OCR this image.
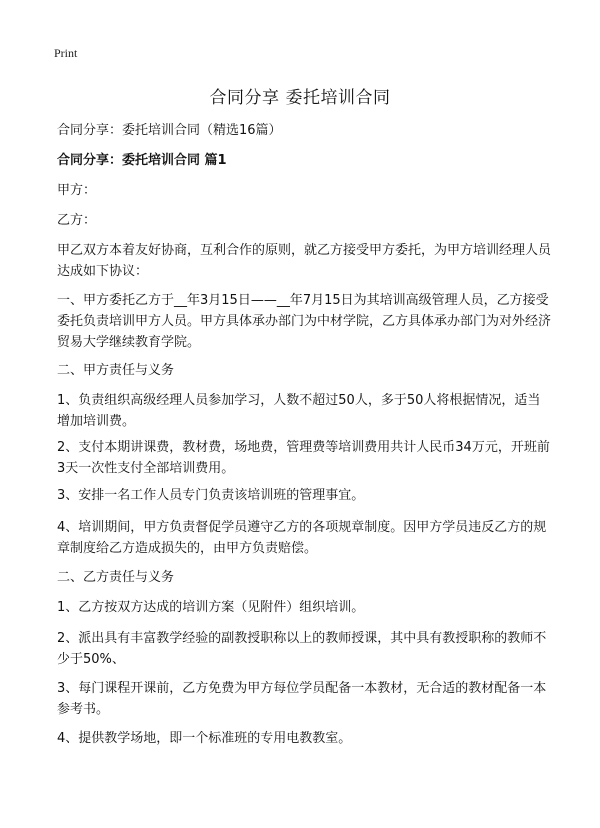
Print
合同分享 委托培训合同

合同分享：委托培训合同（精选16篇）

合同分享：委托培训合同 篇1

甲方：

乙方：

甲乙双方本着友好协商，互利合作的原则，就乙方接受甲方委托，为甲方培训经理人员达成如下协议：

一、甲方委托乙方于__年3月15日——__年7月15日为其培训高级管理人员，乙方接受委托负责培训甲方人员。甲方具体承办部门为中材学院，乙方具体承办部门为对外经济贸易大学继续教育学院。

二、甲方责任与义务

1、负责组织高级经理人员参加学习，人数不超过50人，多于50人将根据情况，适当增加培训费。

2、支付本期讲课费，教材费，场地费，管理费等培训费用共计人民币34万元，开班前3天一次性支付全部培训费用。

3、安排一名工作人员专门负责该培训班的管理事宜。

4、培训期间，甲方负责督促学员遵守乙方的各项规章制度。因甲方学员违反乙方的规章制度给乙方造成损失的，由甲方负责赔偿。

二、乙方责任与义务

1、乙方按双方达成的培训方案（见附件）组织培训。

2、派出具有丰富教学经验的副教授职称以上的教师授课，其中具有教授职称的教师不少于50%、

3、每门课程开课前，乙方免费为甲方每位学员配备一本教材，无合适的教材配备一本参考书。

4、提供教学场地，即一个标准班的专用电教教室。
